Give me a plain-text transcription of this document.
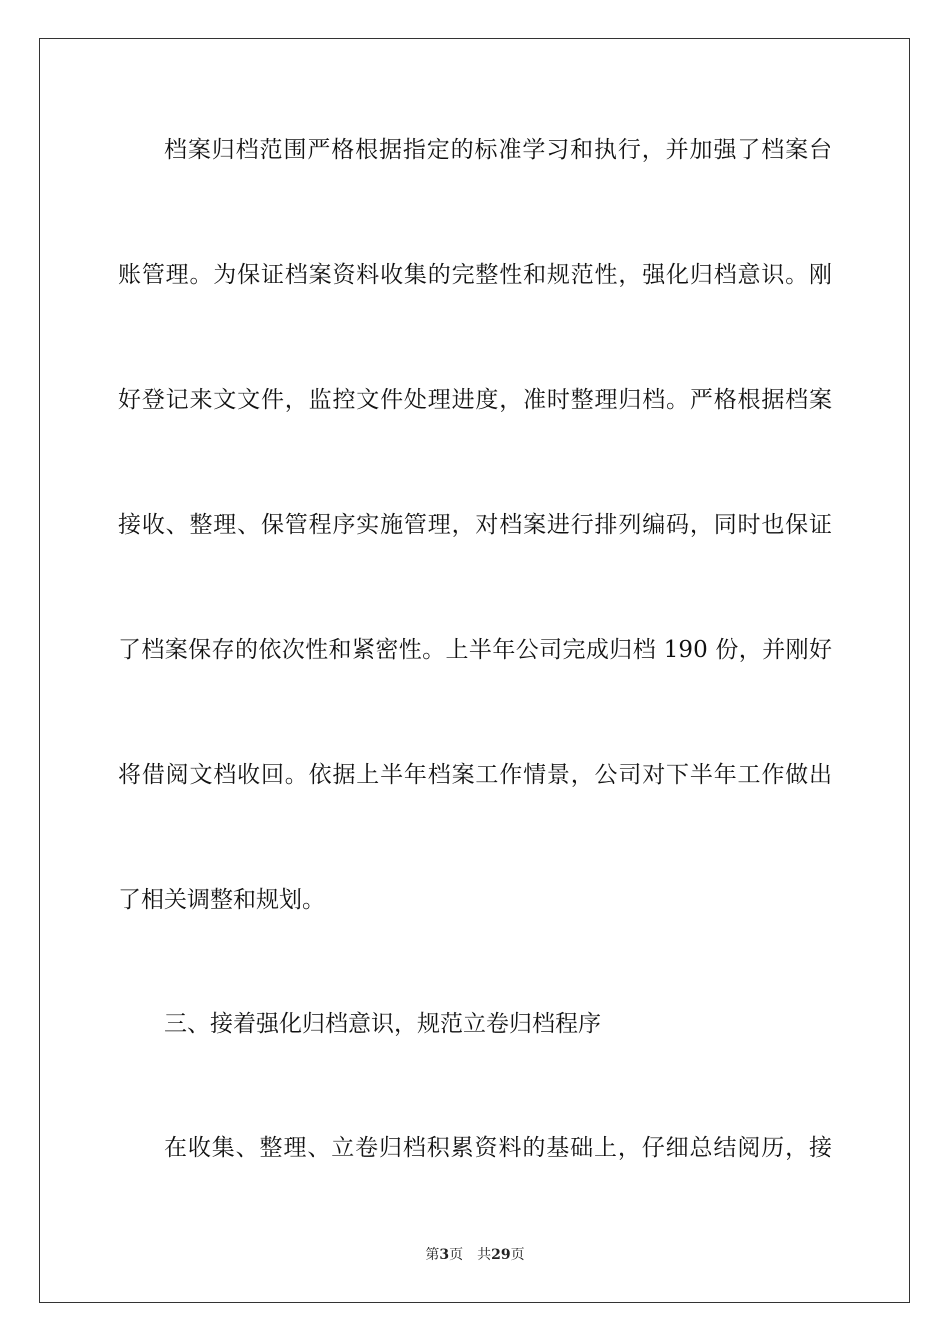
档案归档范围严格根据指定的标准学习和执行，并加强了档案台
账管理。为保证档案资料收集的完整性和规范性，强化归档意识。刚
好登记来文文件，监控文件处理进度，准时整理归档。严格根据档案
接收、整理、保管程序实施管理，对档案进行排列编码，同时也保证
了档案保存的依次性和紧密性。上半年公司完成归档 190 份，并刚好
将借阅文档收回。依据上半年档案工作情景，公司对下半年工作做出
了相关调整和规划。
三、接着强化归档意识，规范立卷归档程序
在收集、整理、立卷归档积累资料的基础上，仔细总结阅历，接
第3页 共29页
